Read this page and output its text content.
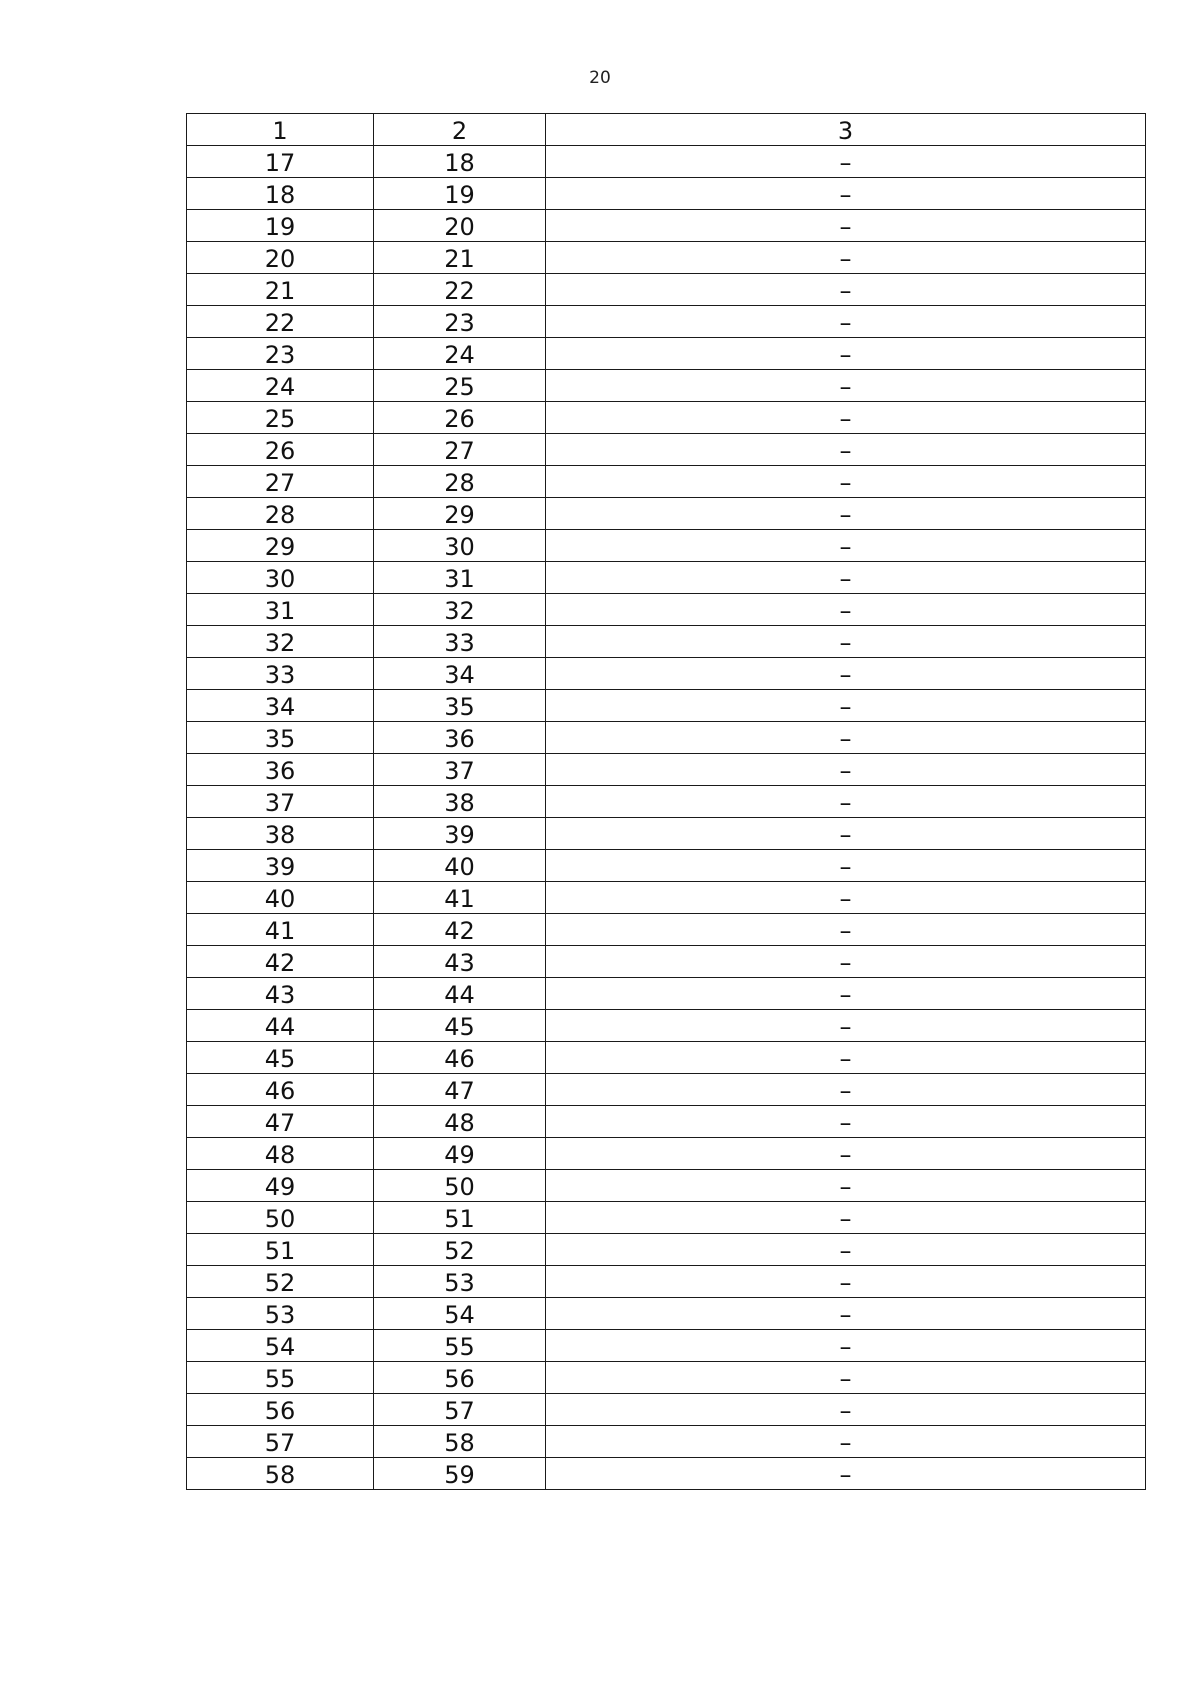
20
1	2	3
17	18	–
18	19	–
19	20	–
20	21	–
21	22	–
22	23	–
23	24	–
24	25	–
25	26	–
26	27	–
27	28	–
28	29	–
29	30	–
30	31	–
31	32	–
32	33	–
33	34	–
34	35	–
35	36	–
36	37	–
37	38	–
38	39	–
39	40	–
40	41	–
41	42	–
42	43	–
43	44	–
44	45	–
45	46	–
46	47	–
47	48	–
48	49	–
49	50	–
50	51	–
51	52	–
52	53	–
53	54	–
54	55	–
55	56	–
56	57	–
57	58	–
58	59	–
